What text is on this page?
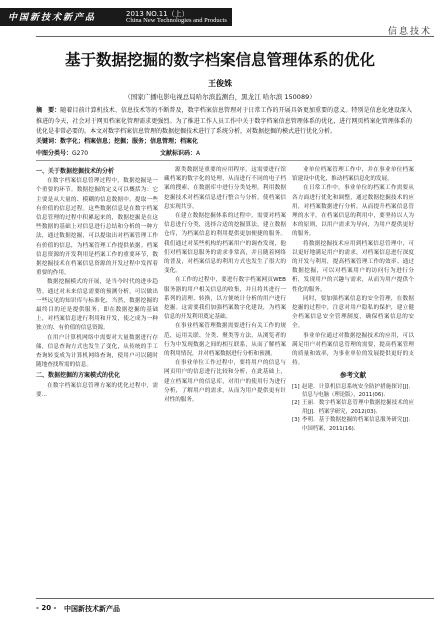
中国新技术新产品	2013 NO.11（上）
China New Technologies and Products
信息技术
基于数据挖掘的数字档案信息管理体系的优化
王俊姝
（国家广播电影电视总局哈尔滨监测台，黑龙江 哈尔滨 150089）
摘　要：随着目前计算机技术、信息技术等的不断普及，数字档案信息管理对于日常工作的开展具备更加重要的意义。特别是信息化建设深入推进的今天，社会对于网页档案化管理需求更强烈。为了推进工作人员工作中关于数字档案信息管理体系的优化，进行网页档案化管理体系的优化是非常必要的。本文对数字档案信息管理的数据挖掘技术进行了系统分析，对数据挖掘的模式进行优化分析。
关键词：数字化；档案信息；挖掘；服务；信息管理；档案化
中图分类号：G270	文献标识码：A
一、关于数据挖掘技术的分析

在数字档案信息管理过程中，数据挖掘是一个重要的环节。数据挖掘的定义可以概括为：它主要是从大量的、模糊的信息数据中，提取一些有价值的信息过程。这些数据信息是在数字档案信息管理的过程中积累起来的，数据挖掘是在这些数据的基础上对信息进行总结和分析的一种方法，通过数据挖掘，可以提取出对档案管理工作有价值的信息，为档案管理工作提供依据。档案信息资源的开发利用是档案工作的重要环节，数据挖掘技术在档案信息资源的开发过程中发挥着重要的作用。

数据挖掘模式的开展，是当今时代的进步趋势。通过对未来信息需要的预测分析，可以做出一些远见的知识库与标准化，当然，数据挖掘的最终目的还是提供服务，即在数据挖掘的基础上，对档案信息进行利用和开发，使之成为一种独立的、有价值的信息资源。

在用户计算机网络中需要对大量数据进行存储，信息查询方式也发生了变化，从传统的手工查询转变成为计算机网络查询，使用户可以随时随地查找所需的信息。

二、数据挖掘的方案模式的优化

在数字档案信息管理方案的优化过程中，需要...

源类数据是重要的应用程序。这需要进行馆藏档案的数字化的处理，从而进行不同的电子档案的搜索、在数据库中进行分类处理，利用数据挖掘技术对档案信息进行整合与分析，使档案信息实现共享。

在建立数据挖掘体系的过程中，需要对档案信息进行分类，选择合适的挖掘算法，建立数据仓库，为档案信息的利用提供更加便捷的服务。我们通过对某些机构的档案用户的调查发现，他们对档案信息服务的需求非常高，并且随着网络的普及，对档案信息的利用方式也发生了很大的变化。

在工作的过程中，要进行数字档案网页WEB服务器的用户相关信息的收集，并且将其进行一系列的清理、转换，以方便统计分析的用户进行挖掘。这需要我们加强档案数字化建设，为档案信息的开发利用奠定基础。

在事业档案管理数据需要进行有关工作的规范，运用关联、分类、聚类等方法，从浏览者的行为中发现数据之间的相互联系，从而了解档案的利用情况，并对档案数据进行分析和预测。

在事业单位工作过程中，要将用户的信息与网页用户的信息进行比较和分析，在此基础上，建立档案用户的信息库，对用户的使用行为进行分析，了解用户的需求，从而为用户提供更有针对性的服务。

业单位档案管理工作中，并在事业单位档案馆建设中优化，推动档案信息化的发展。

在日常工作中，事业单位的档案工作需要从各方面进行优化和调整，通过数据挖掘技术的应用，对档案数据进行分析，从而提升档案信息管理的水平。在档案信息的利用中，要坚持以人为本的原则，以用户需求为导向，为用户提供更好的服务。

将数据挖掘技术应用到档案信息管理中，可以更好地满足用户的需求，对档案信息进行深度的开发与利用，提高档案管理工作的效率。通过数据挖掘，可以对档案用户的访问行为进行分析，发现用户的兴趣与需求，从而为用户提供个性化的服务。

同时，要加强档案信息的安全管理，在数据挖掘的过程中，注意对用户隐私的保护，建立健全档案信息安全管理制度，确保档案信息的安全。

事业单位通过对数据挖掘技术的应用，可以满足用户对档案信息管理的需要，提高档案管理的质量和效率，为事业单位的发展提供更好的支持。

参考文献

[1] 赵建．计算机信息系统安全防护措施探讨[J]．信息与电脑（理论版），2011(06)．

[2] 王丽．数字档案信息管理中数据挖掘技术的应用[J]．档案学研究，2012(03)．

[3] 李明．基于数据挖掘的档案信息服务研究[J]．中国档案，2011(16)．

- 20 - 中国新技术新产品
